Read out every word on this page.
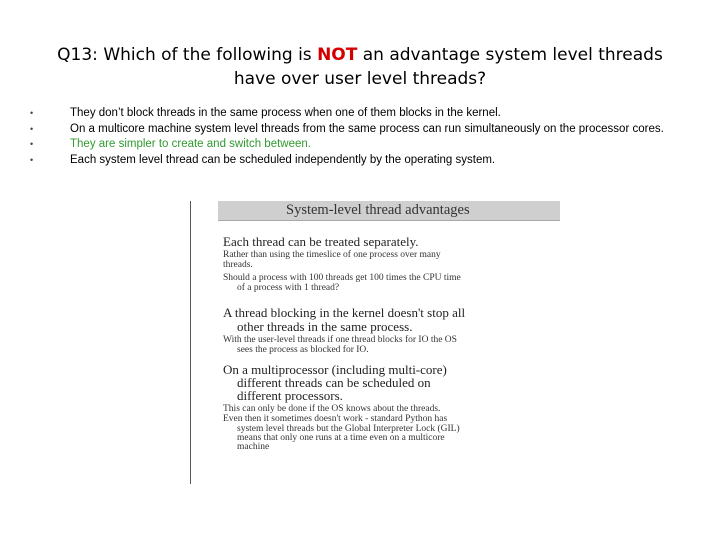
Q13: Which of the following is NOT an advantage system level threads have over user level threads?
•	They don’t block threads in the same process when one of them blocks in the kernel.
•	On a multicore machine system level threads from the same process can run simultaneously on the processor cores.
•	They are simpler to create and switch between.
•	Each system level thread can be scheduled independently by the operating system.
System-level thread advantages
Each thread can be treated separately.
Rather than using the timeslice of one process over many
threads.
Should a process with 100 threads get 100 times the CPU time
of a process with 1 thread?
A thread blocking in the kernel doesn't stop all
other threads in the same process.
With the user-level threads if one thread blocks for IO the OS
sees the process as blocked for IO.
On a multiprocessor (including multi-core)
different threads can be scheduled on
different processors.
This can only be done if the OS knows about the threads.
Even then it sometimes doesn't work - standard Python has
system level threads but the Global Interpreter Lock (GIL)
means that only one runs at a time even on a multicore
machine
